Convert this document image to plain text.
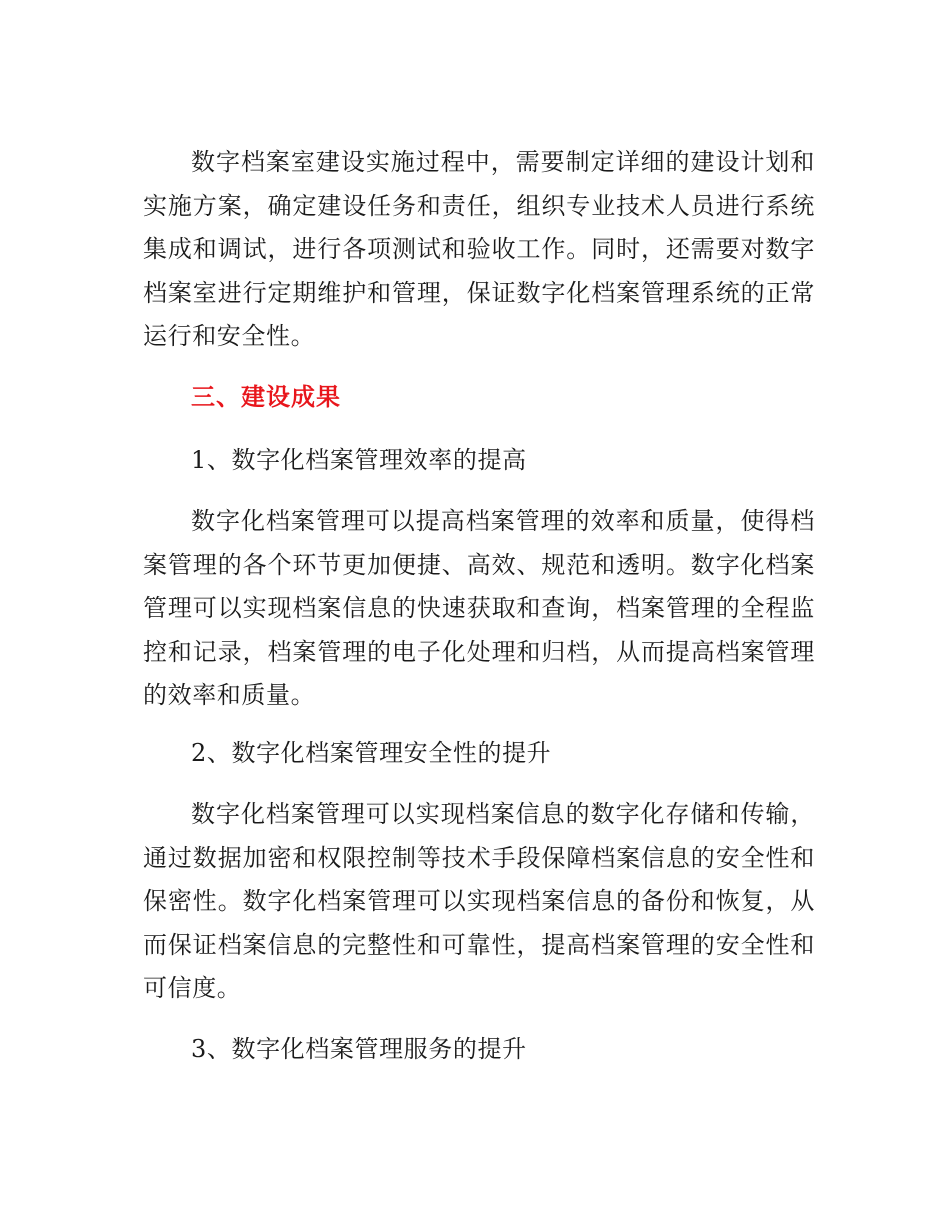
数字档案室建设实施过程中，需要制定详细的建设计划和实施方案，确定建设任务和责任，组织专业技术人员进行系统集成和调试，进行各项测试和验收工作。同时，还需要对数字档案室进行定期维护和管理，保证数字化档案管理系统的正常运行和安全性。

三、建设成果

1、数字化档案管理效率的提高

数字化档案管理可以提高档案管理的效率和质量，使得档案管理的各个环节更加便捷、高效、规范和透明。数字化档案管理可以实现档案信息的快速获取和查询，档案管理的全程监控和记录，档案管理的电子化处理和归档，从而提高档案管理的效率和质量。

2、数字化档案管理安全性的提升

数字化档案管理可以实现档案信息的数字化存储和传输，通过数据加密和权限控制等技术手段保障档案信息的安全性和保密性。数字化档案管理可以实现档案信息的备份和恢复，从而保证档案信息的完整性和可靠性，提高档案管理的安全性和可信度。

3、数字化档案管理服务的提升
